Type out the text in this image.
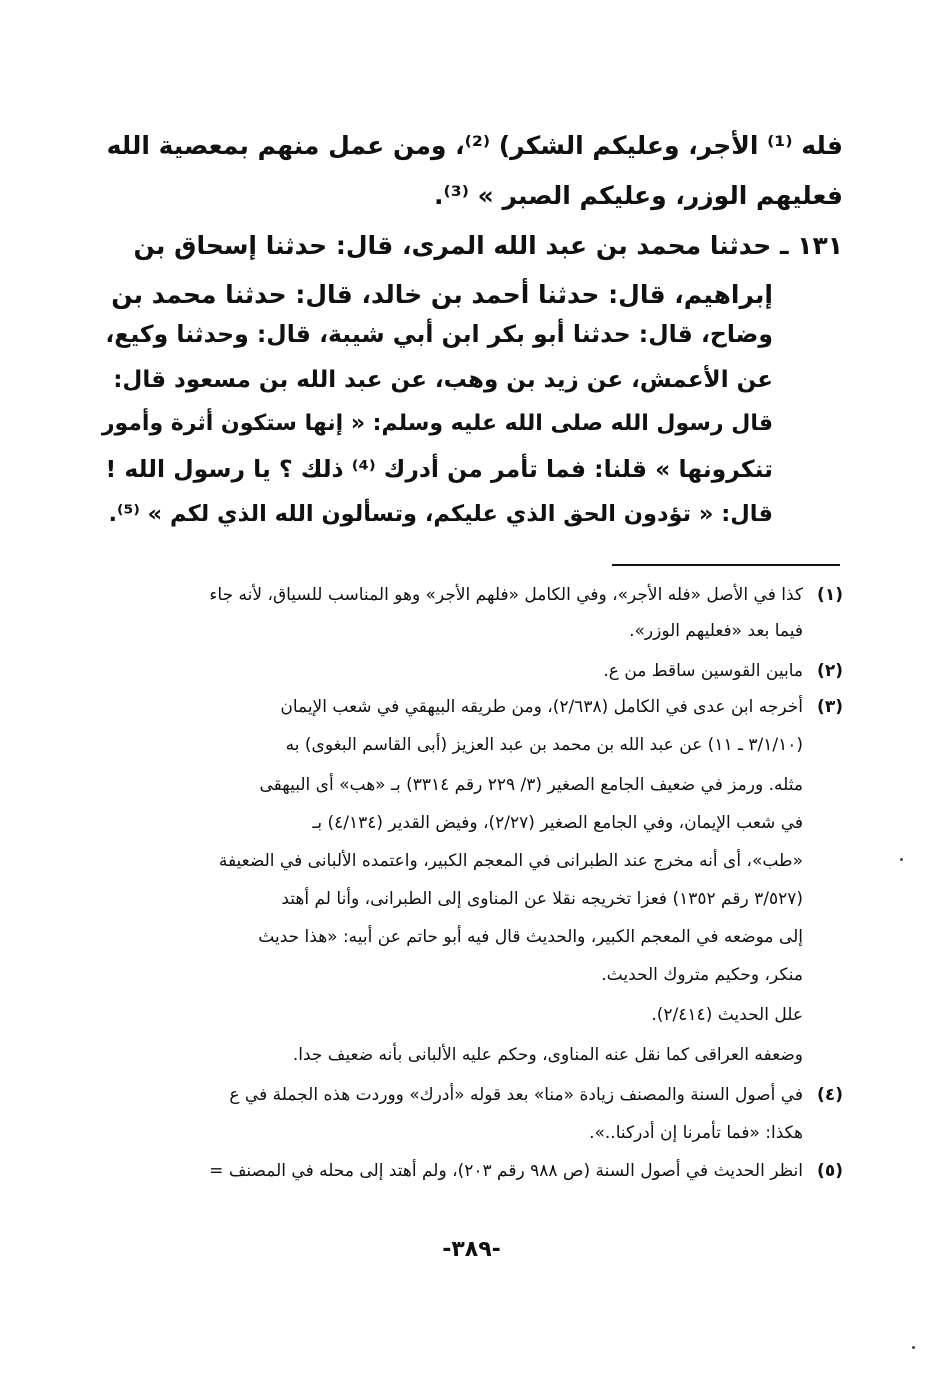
فله ⁽¹⁾ الأجر، وعليكم الشكر) ⁽²⁾، ومن عمل منهم بمعصية الله
فعليهم الوزر، وعليكم الصبر » ⁽³⁾.
١٣١ ـ حدثنا محمد بن عبد الله المرى، قال: حدثنا إسحاق بن
إبراهيم، قال: حدثنا أحمد بن خالد، قال: حدثنا محمد بن
وضاح، قال: حدثنا أبو بكر ابن أبي شيبة، قال: وحدثنا وكيع،
عن الأعمش، عن زيد بن وهب، عن عبد الله بن مسعود قال:
قال رسول الله صلى الله عليه وسلم: « إنها ستكون أثرة وأمور
تنكرونها » قلنا: فما تأمر من أدرك ⁽⁴⁾ ذلك ؟ يا رسول الله !
قال: « تؤدون الحق الذي عليكم، وتسألون الله الذي لكم » ⁽⁵⁾.
(١)
كذا في الأصل «فله الأجر»، وفي الكامل «فلهم الأجر» وهو المناسب للسياق، لأنه جاء
فيما بعد «فعليهم الوزر».
(٢)
مابين القوسين ساقط من ع.
(٣)
أخرجه ابن عدى في الكامل (٢/٦٣٨)، ومن طريقه البيهقي في شعب الإيمان
(٣/١/١٠ ـ ١١) عن عبد الله بن محمد بن عبد العزيز (أبى القاسم البغوى) به
مثله. ورمز في ضعيف الجامع الصغير (٣/ ٢٢٩ رقم ٣٣١٤) بـ «هب» أى البيهقى
في شعب الإيمان، وفي الجامع الصغير (٢/٢٧)، وفيض القدير (٤/١٣٤) بـ
«طب»، أى أنه مخرج عند الطبرانى في المعجم الكبير، واعتمده الألبانى في الضعيفة
(٣/٥٢٧ رقم ١٣٥٢) فعزا تخريجه نقلا عن المناوى إلى الطبرانى، وأنا لم أهتد
إلى موضعه في المعجم الكبير، والحديث قال فيه أبو حاتم عن أبيه: «هذا حديث
منكر، وحكيم متروك الحديث.
علل الحديث (٢/٤١٤).
وضعفه العراقى كما نقل عنه المناوى، وحكم عليه الألبانى بأنه ضعيف جدا.
(٤)
في أصول السنة والمصنف زيادة «منا» بعد قوله «أدرك» ووردت هذه الجملة في ع
هكذا: «فما تأمرنا إن أدركنا..».
(٥)
انظر الحديث في أصول السنة (ص ٩٨٨ رقم ٢٠٣)، ولم أهتد إلى محله في المصنف =
-٣٨٩-
